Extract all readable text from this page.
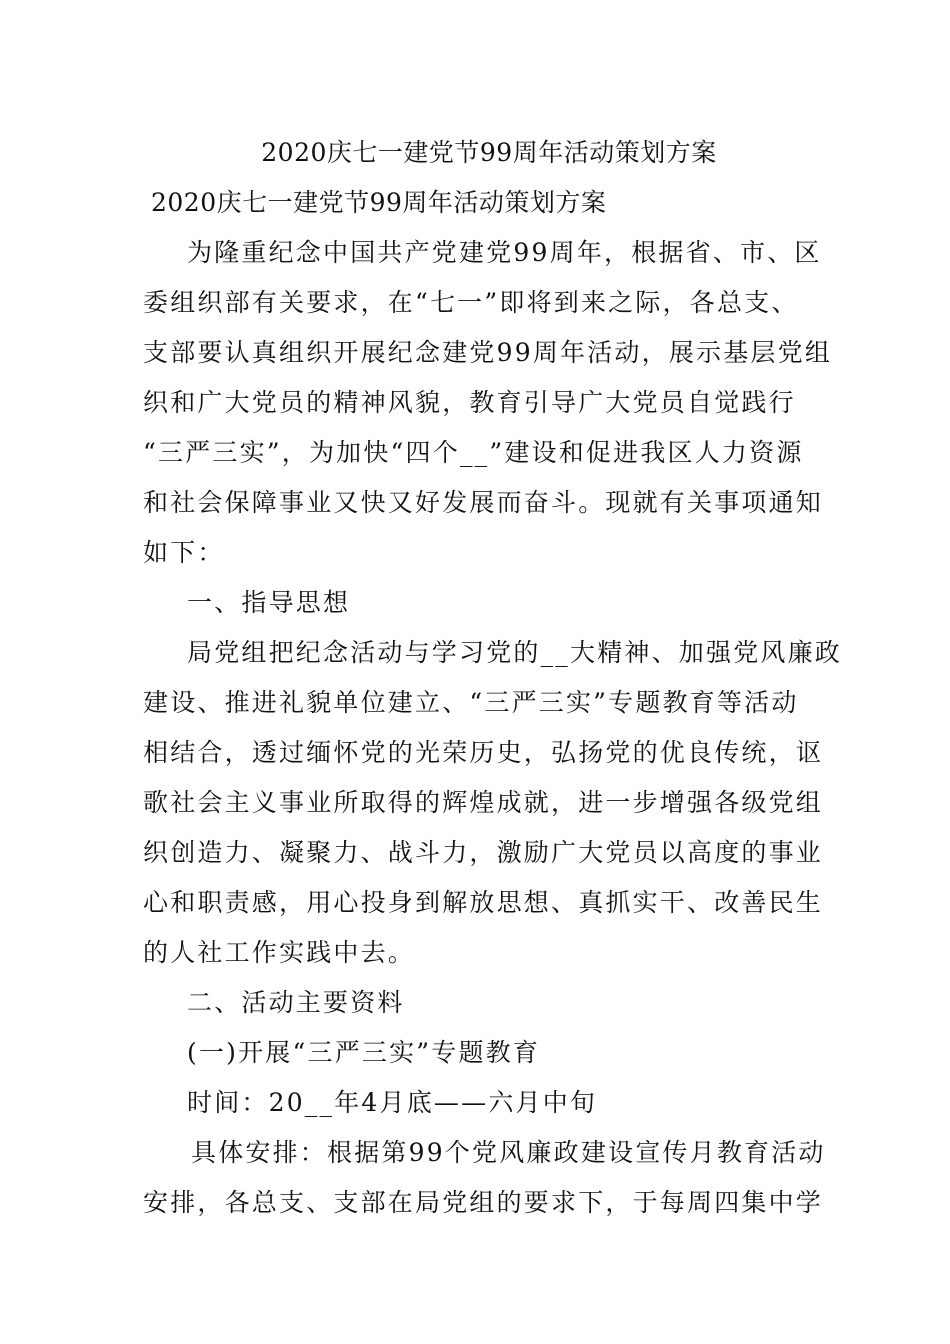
2020庆七一建党节99周年活动策划方案
2020庆七一建党节99周年活动策划方案
为隆重纪念中国共产党建党99周年，根据省、市、区
委组织部有关要求，在“七一”即将到来之际，各总支、
支部要认真组织开展纪念建党99周年活动，展示基层党组
织和广大党员的精神风貌，教育引导广大党员自觉践行
“三严三实”，为加快“四个__”建设和促进我区人力资源
和社会保障事业又快又好发展而奋斗。现就有关事项通知
如下：
一、指导思想
局党组把纪念活动与学习党的__大精神、加强党风廉政
建设、推进礼貌单位建立、“三严三实”专题教育等活动
相结合，透过缅怀党的光荣历史，弘扬党的优良传统，讴
歌社会主义事业所取得的辉煌成就，进一步增强各级党组
织创造力、凝聚力、战斗力，激励广大党员以高度的事业
心和职责感，用心投身到解放思想、真抓实干、改善民生
的人社工作实践中去。
二、活动主要资料
(一)开展“三严三实”专题教育
时间：20__年4月底——六月中旬
具体安排：根据第99个党风廉政建设宣传月教育活动
安排，各总支、支部在局党组的要求下，于每周四集中学
